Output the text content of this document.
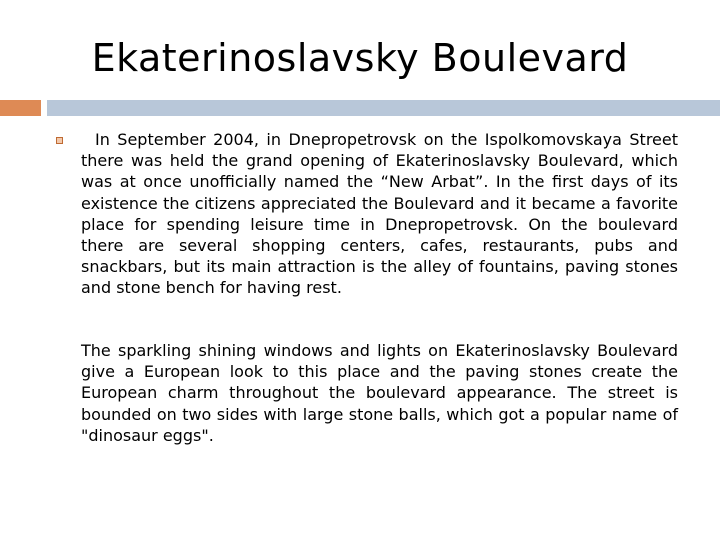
Ekaterinoslavsky Boulevard

In September 2004, in Dnepropetrovsk on the Ispolkomovskaya Street there was held the grand opening of Ekaterinoslavsky Boulevard, which was at once unofficially named the “New Arbat”. In the first days of its existence the citizens appreciated the Boulevard and it became a favorite place for spending leisure time in Dnepropetrovsk. On the boulevard there are several shopping centers, cafes, restaurants, pubs and snackbars, but its main attraction is the alley of fountains, paving stones and stone bench for having rest.

The sparkling shining windows and lights on Ekaterinoslavsky Boulevard give a European look to this place and the paving stones create the European charm throughout the boulevard appearance. The street is bounded on two sides with large stone balls, which got a popular name of "dinosaur eggs".
